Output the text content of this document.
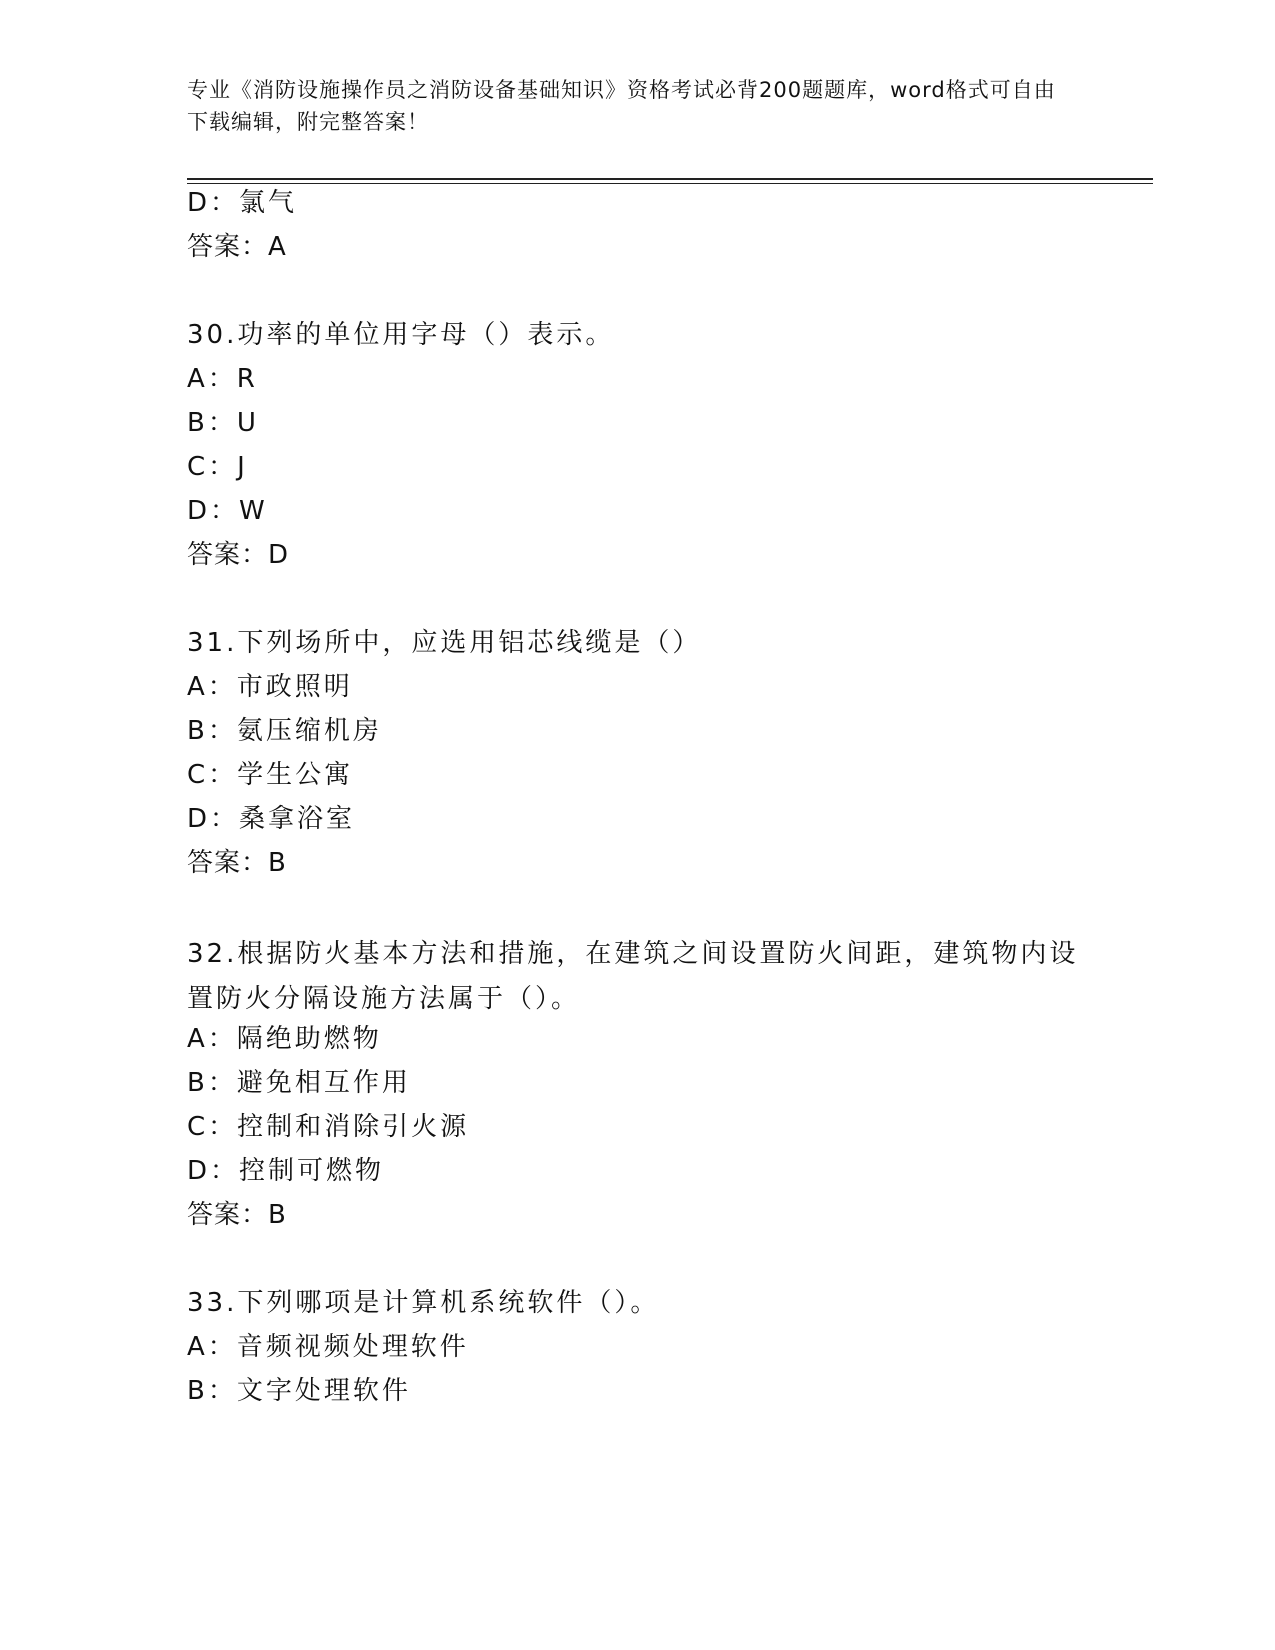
专业《消防设施操作员之消防设备基础知识》资格考试必背200题题库，word格式可自由下载编辑，附完整答案！
D：氯气
答案：A
30.功率的单位用字母（）表示。
A：R
B：U
C：J
D：W
答案：D
31.下列场所中，应选用铝芯线缆是（）
A：市政照明
B：氨压缩机房
C：学生公寓
D：桑拿浴室
答案：B
32.根据防火基本方法和措施，在建筑之间设置防火间距，建筑物内设置防火分隔设施方法属于（）。
A：隔绝助燃物
B：避免相互作用
C：控制和消除引火源
D：控制可燃物
答案：B
33.下列哪项是计算机系统软件（）。
A：音频视频处理软件
B：文字处理软件
